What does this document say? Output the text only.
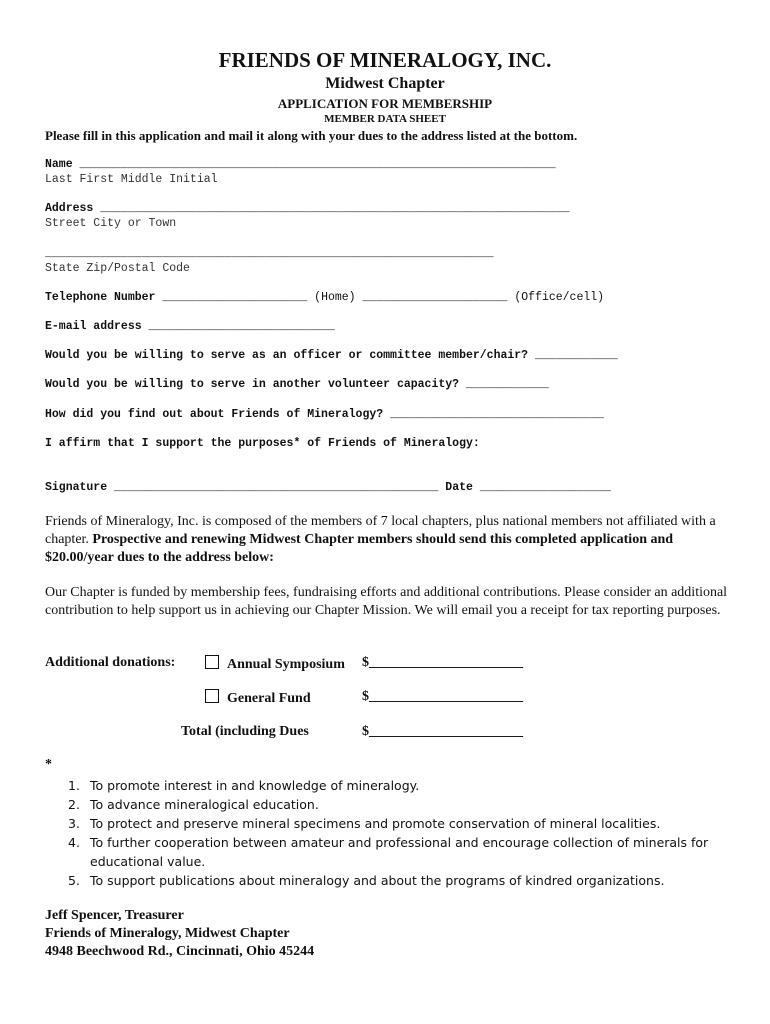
FRIENDS OF MINERALOGY, INC.
Midwest Chapter
APPLICATION FOR MEMBERSHIP
MEMBER DATA SHEET
Please fill in this application and mail it along with your dues to the address listed at the bottom.
Name _____________________________________________________________________
Last First Middle Initial
Address ____________________________________________________________________
Street City or Town
_________________________________________________________________
State Zip/Postal Code
Telephone Number _____________________ (Home) _____________________ (Office/cell)
E-mail address ___________________________
Would you be willing to serve as an officer or committee member/chair? ____________
Would you be willing to serve in another volunteer capacity? ____________
How did you find out about Friends of Mineralogy? _______________________________
I affirm that I support the purposes* of Friends of Mineralogy:
Signature _______________________________________________ Date ___________________
Friends of Mineralogy, Inc. is composed of the members of 7 local chapters, plus national members not affiliated with a chapter. Prospective and renewing Midwest Chapter members should send this completed application and $20.00/year dues to the address below:
Our Chapter is funded by membership fees, fundraising efforts and additional contributions. Please consider an additional contribution to help support us in achieving our Chapter Mission. We will email you a receipt for tax reporting purposes.
Additional donations:	Annual Symposium $______________________
General Fund	$______________________
Total (including Dues	$______________________
*
1. To promote interest in and knowledge of mineralogy.
2. To advance mineralogical education.
3. To protect and preserve mineral specimens and promote conservation of mineral localities.
4. To further cooperation between amateur and professional and encourage collection of minerals for educational value.
5. To support publications about mineralogy and about the programs of kindred organizations.
Jeff Spencer, Treasurer
Friends of Mineralogy, Midwest Chapter
4948 Beechwood Rd., Cincinnati, Ohio 45244
